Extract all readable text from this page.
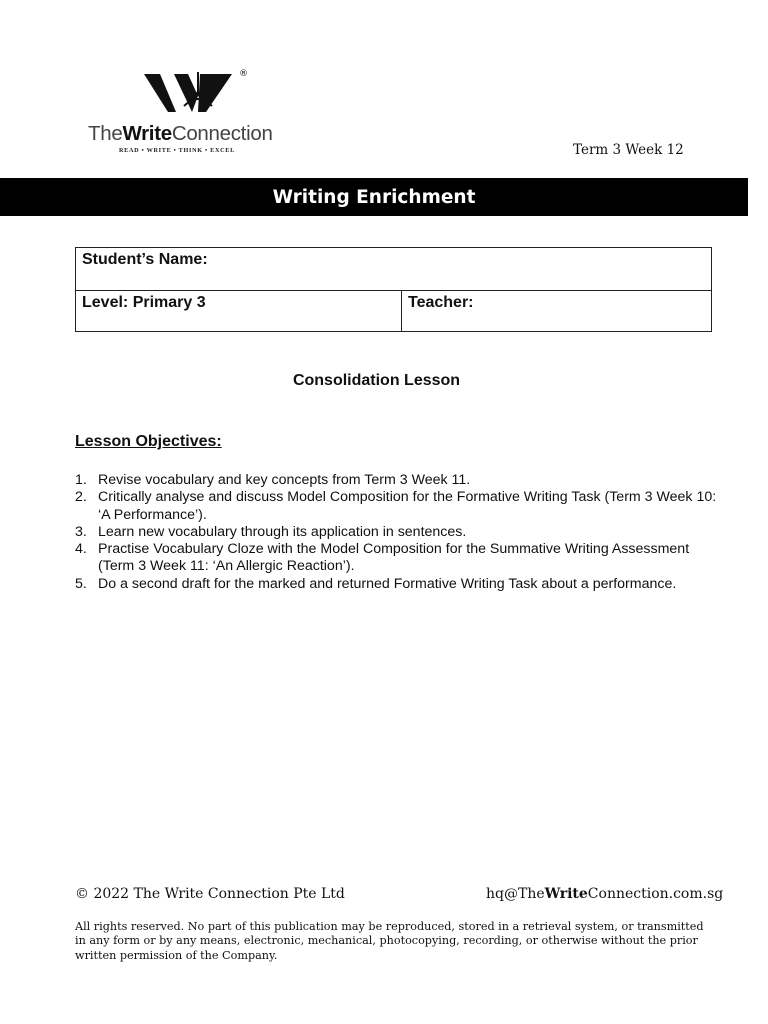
®
TheWriteConnection
READ • WRITE • THINK • EXCEL	Term 3 Week 12
Writing Enrichment
Student’s Name:
Level: Primary 3	Teacher:
Consolidation Lesson
Lesson Objectives:
1. Revise vocabulary and key concepts from Term 3 Week 11.
2. Critically analyse and discuss Model Composition for the Formative Writing Task (Term 3 Week 10: ‘A Performance’).
3. Learn new vocabulary through its application in sentences.
4. Practise Vocabulary Cloze with the Model Composition for the Summative Writing Assessment (Term 3 Week 11: ‘An Allergic Reaction’).
5. Do a second draft for the marked and returned Formative Writing Task about a performance.
© 2022 The Write Connection Pte Ltd	hq@TheWriteConnection.com.sg
All rights reserved. No part of this publication may be reproduced, stored in a retrieval system, or transmitted in any form or by any means, electronic, mechanical, photocopying, recording, or otherwise without the prior written permission of the Company.
